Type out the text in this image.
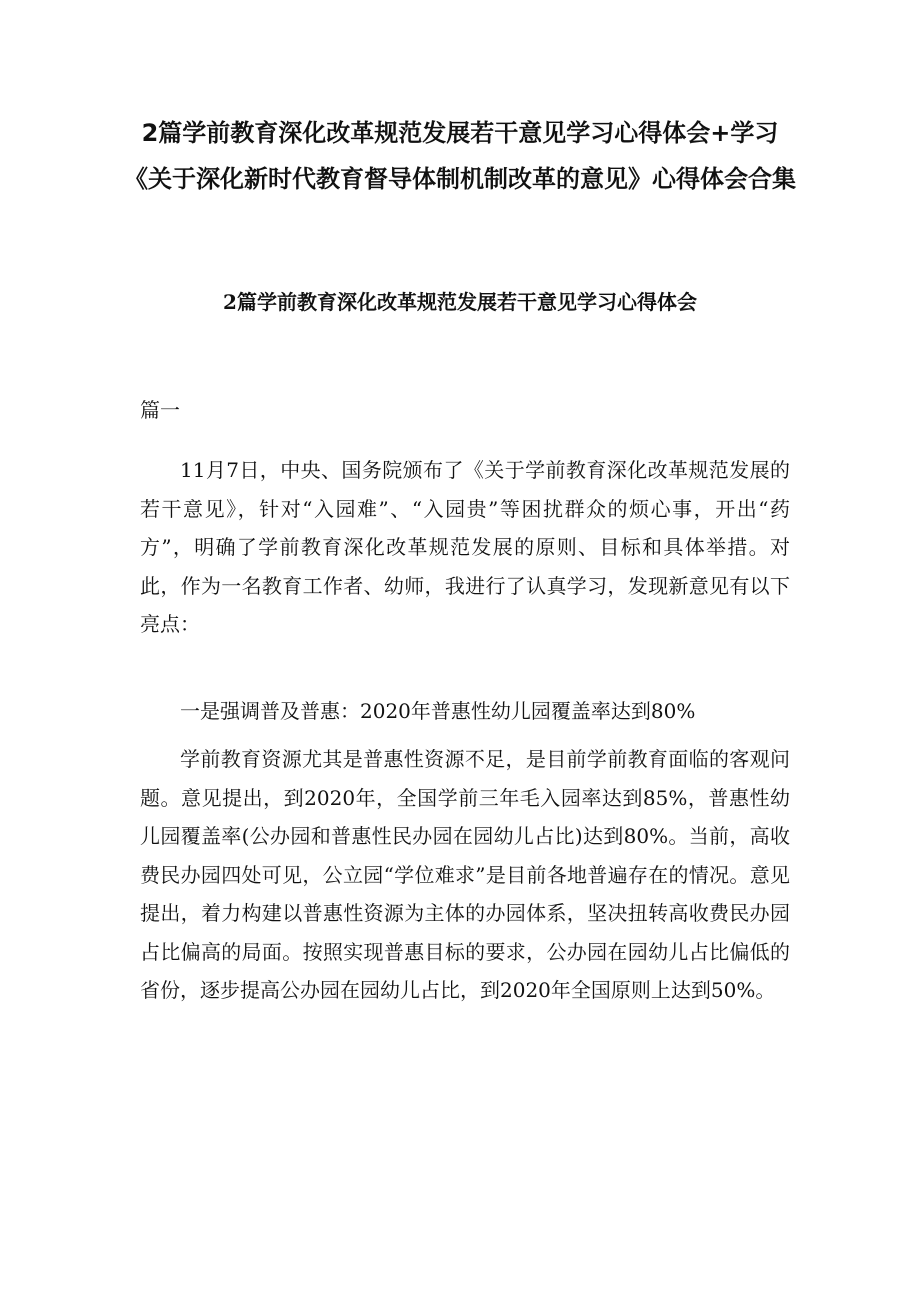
2篇学前教育深化改革规范发展若干意见学习心得体会+学习《关于深化新时代教育督导体制机制改革的意见》心得体会合集
2篇学前教育深化改革规范发展若干意见学习心得体会

篇一

11月7日，中央、国务院颁布了《关于学前教育深化改革规范发展的若干意见》，针对“入园难”、“入园贵”等困扰群众的烦心事，开出“药方”，明确了学前教育深化改革规范发展的原则、目标和具体举措。对此，作为一名教育工作者、幼师，我进行了认真学习，发现新意见有以下亮点：

一是强调普及普惠：2020年普惠性幼儿园覆盖率达到80%

学前教育资源尤其是普惠性资源不足，是目前学前教育面临的客观问题。意见提出，到2020年，全国学前三年毛入园率达到85%，普惠性幼儿园覆盖率(公办园和普惠性民办园在园幼儿占比)达到80%。当前，高收费民办园四处可见，公立园“学位难求”是目前各地普遍存在的情况。意见提出，着力构建以普惠性资源为主体的办园体系，坚决扭转高收费民办园占比偏高的局面。按照实现普惠目标的要求，公办园在园幼儿占比偏低的省份，逐步提高公办园在园幼儿占比，到2020年全国原则上达到50%。
